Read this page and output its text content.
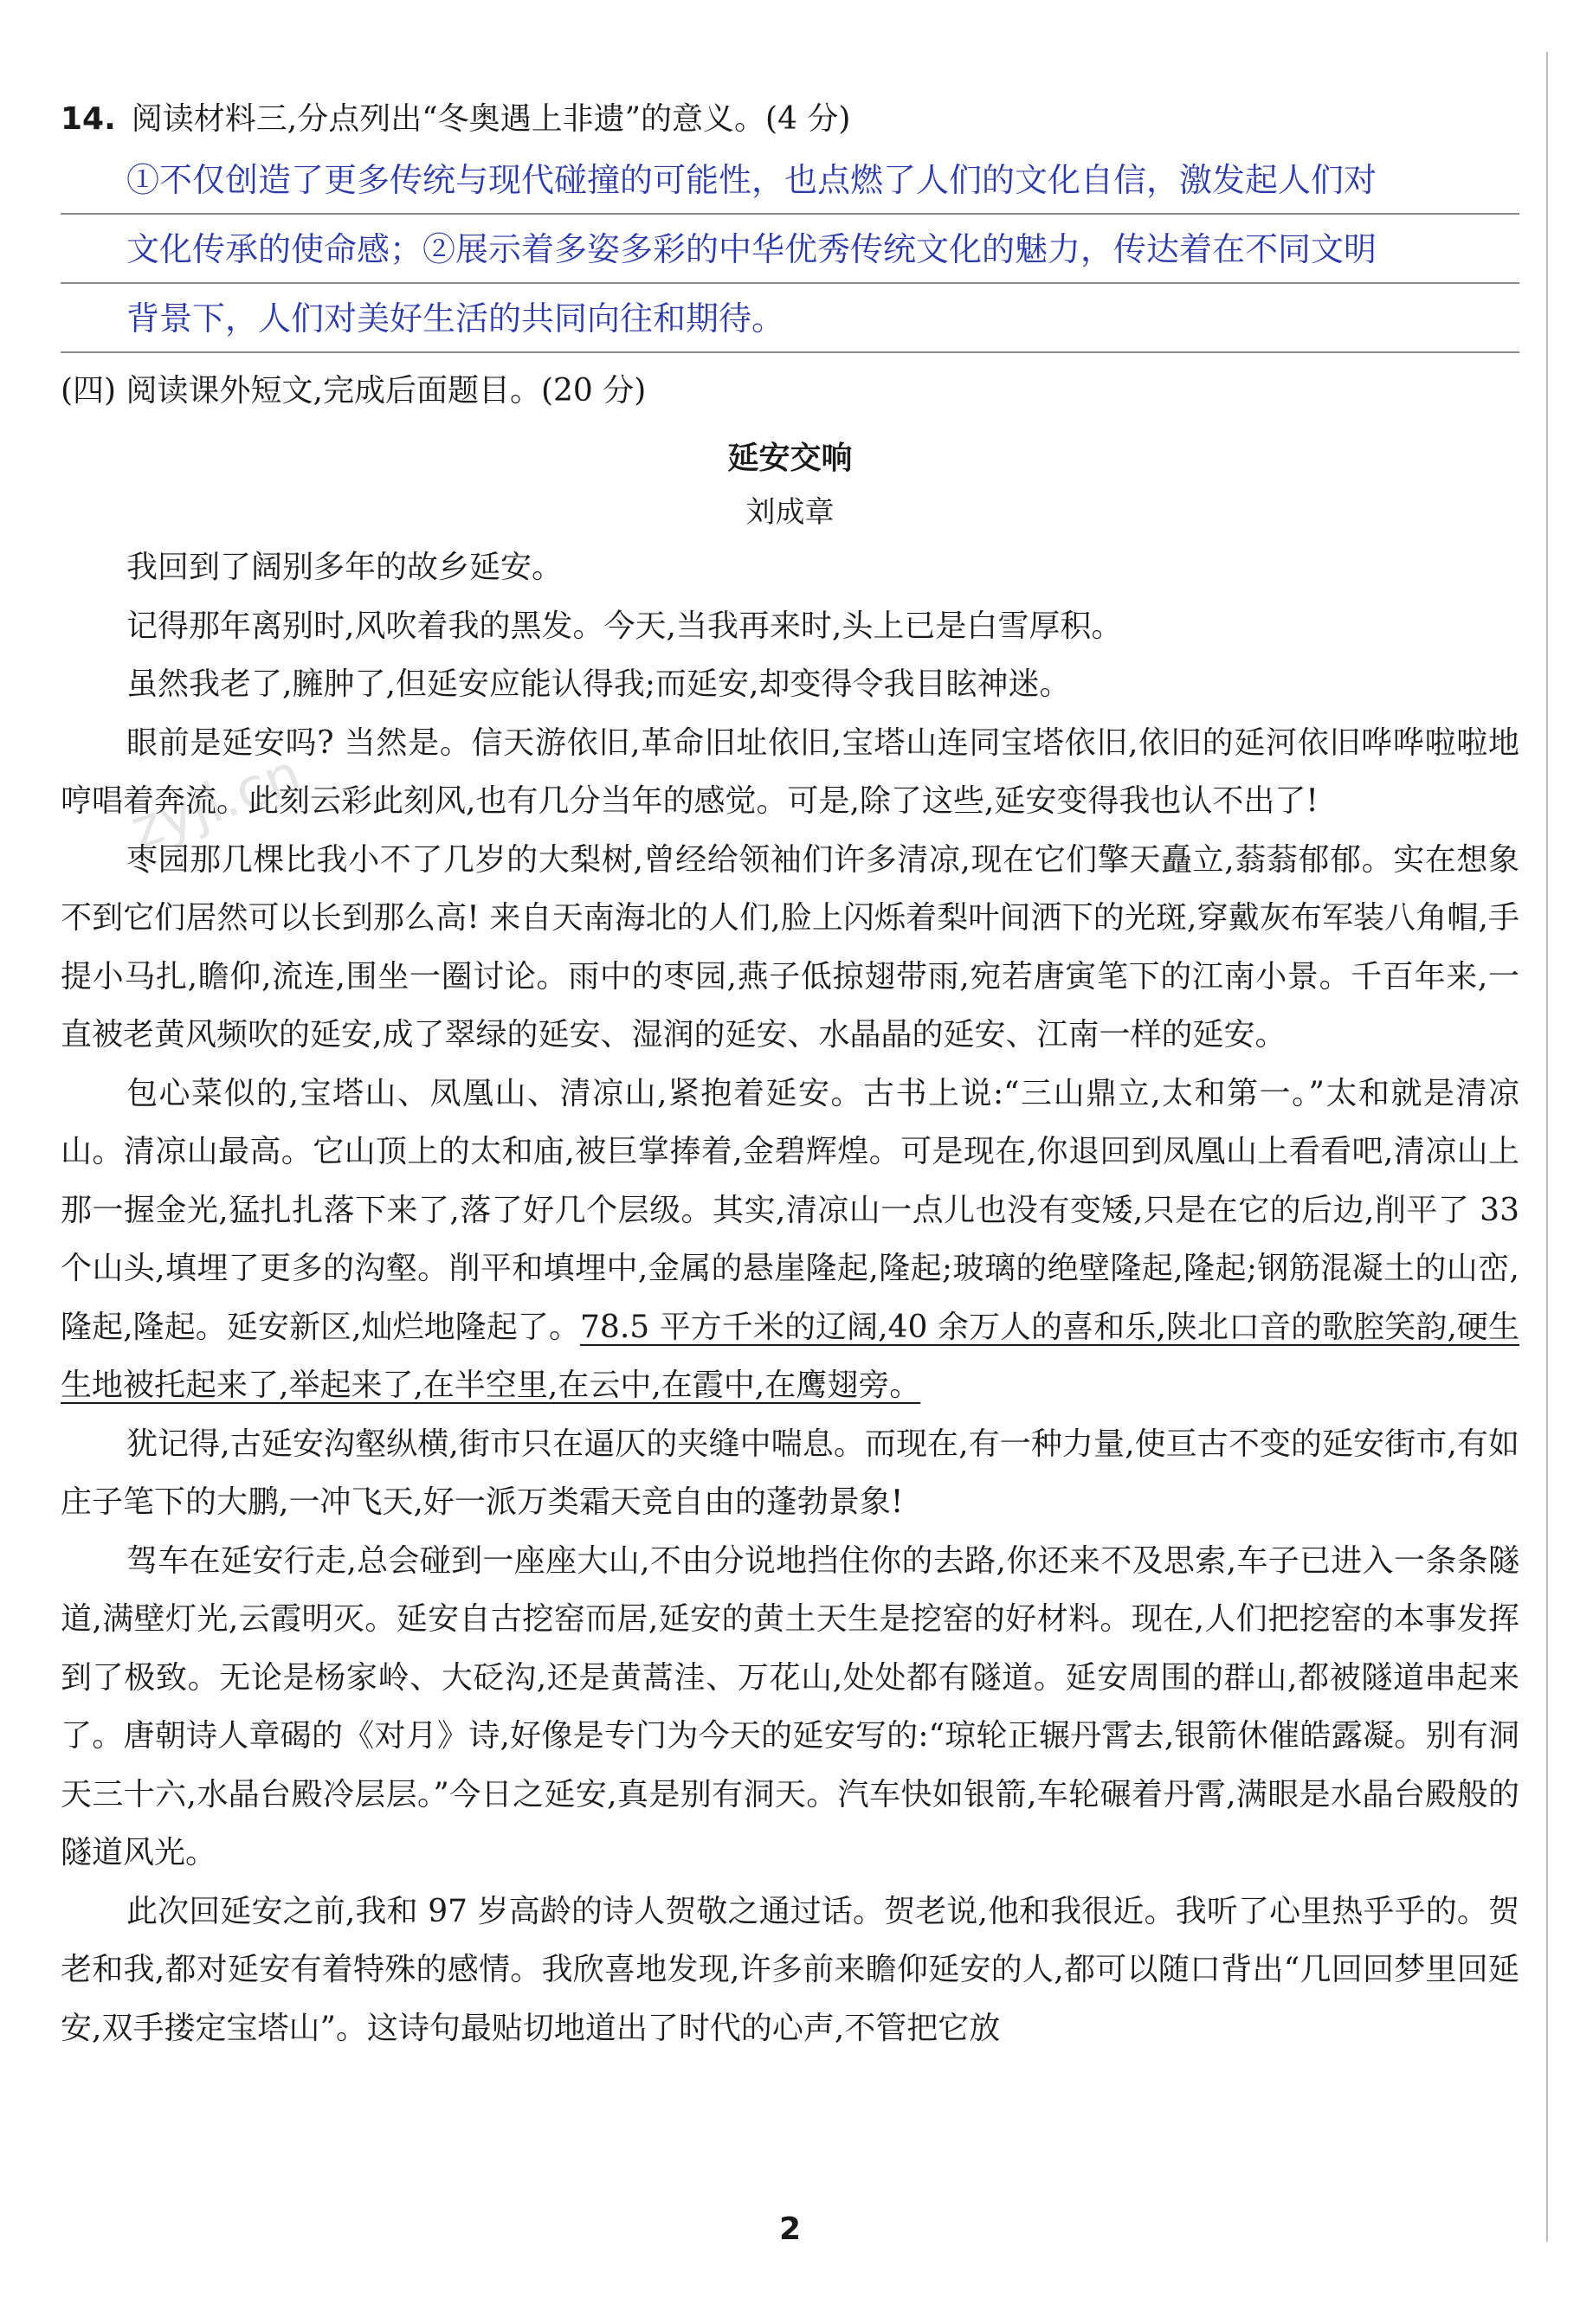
zyjl.cn
14. 阅读材料三,分点列出“冬奥遇上非遗”的意义。(4 分)
①不仅创造了更多传统与现代碰撞的可能性，也点燃了人们的文化自信，激发起人们对
文化传承的使命感；②展示着多姿多彩的中华优秀传统文化的魅力，传达着在不同文明
背景下，人们对美好生活的共同向往和期待。
(四) 阅读课外短文,完成后面题目。(20 分)
延安交响
刘成章

我回到了阔别多年的故乡延安。

记得那年离别时,风吹着我的黑发。今天,当我再来时,头上已是白雪厚积。

虽然我老了,臃肿了,但延安应能认得我;而延安,却变得令我目眩神迷。

眼前是延安吗? 当然是。信天游依旧,革命旧址依旧,宝塔山连同宝塔依旧,依旧的延河依旧哗哗啦啦地哼唱着奔流。此刻云彩此刻风,也有几分当年的感觉。可是,除了这些,延安变得我也认不出了!

枣园那几棵比我小不了几岁的大梨树,曾经给领袖们许多清凉,现在它们擎天矗立,蓊蓊郁郁。实在想象不到它们居然可以长到那么高! 来自天南海北的人们,脸上闪烁着梨叶间洒下的光斑,穿戴灰布军装八角帽,手提小马扎,瞻仰,流连,围坐一圈讨论。雨中的枣园,燕子低掠翅带雨,宛若唐寅笔下的江南小景。千百年来,一直被老黄风频吹的延安,成了翠绿的延安、湿润的延安、水晶晶的延安、江南一样的延安。

包心菜似的,宝塔山、凤凰山、清凉山,紧抱着延安。古书上说:“三山鼎立,太和第一。”太和就是清凉山。清凉山最高。它山顶上的太和庙,被巨掌捧着,金碧辉煌。可是现在,你退回到凤凰山上看看吧,清凉山上那一握金光,猛扎扎落下来了,落了好几个层级。其实,清凉山一点儿也没有变矮,只是在它的后边,削平了 33 个山头,填埋了更多的沟壑。削平和填埋中,金属的悬崖隆起,隆起;玻璃的绝壁隆起,隆起;钢筋混凝土的山峦,隆起,隆起。延安新区,灿烂地隆起了。78.5 平方千米的辽阔,40 余万人的喜和乐,陕北口音的歌腔笑韵,硬生生地被托起来了,举起来了,在半空里,在云中,在霞中,在鹰翅旁。

犹记得,古延安沟壑纵横,街市只在逼仄的夹缝中喘息。而现在,有一种力量,使亘古不变的延安街市,有如庄子笔下的大鹏,一冲飞天,好一派万类霜天竞自由的蓬勃景象!

驾车在延安行走,总会碰到一座座大山,不由分说地挡住你的去路,你还来不及思索,车子已进入一条条隧道,满壁灯光,云霞明灭。延安自古挖窑而居,延安的黄土天生是挖窑的好材料。现在,人们把挖窑的本事发挥到了极致。无论是杨家岭、大砭沟,还是黄蒿洼、万花山,处处都有隧道。延安周围的群山,都被隧道串起来了。唐朝诗人章碣的《对月》诗,好像是专门为今天的延安写的:“琼轮正辗丹霄去,银箭休催皓露凝。别有洞天三十六,水晶台殿冷层层。”今日之延安,真是别有洞天。汽车快如银箭,车轮碾着丹霄,满眼是水晶台殿般的隧道风光。

此次回延安之前,我和 97 岁高龄的诗人贺敬之通过话。贺老说,他和我很近。我听了心里热乎乎的。贺老和我,都对延安有着特殊的感情。我欣喜地发现,许多前来瞻仰延安的人,都可以随口背出“几回回梦里回延安,双手搂定宝塔山”。这诗句最贴切地道出了时代的心声,不管把它放

2
